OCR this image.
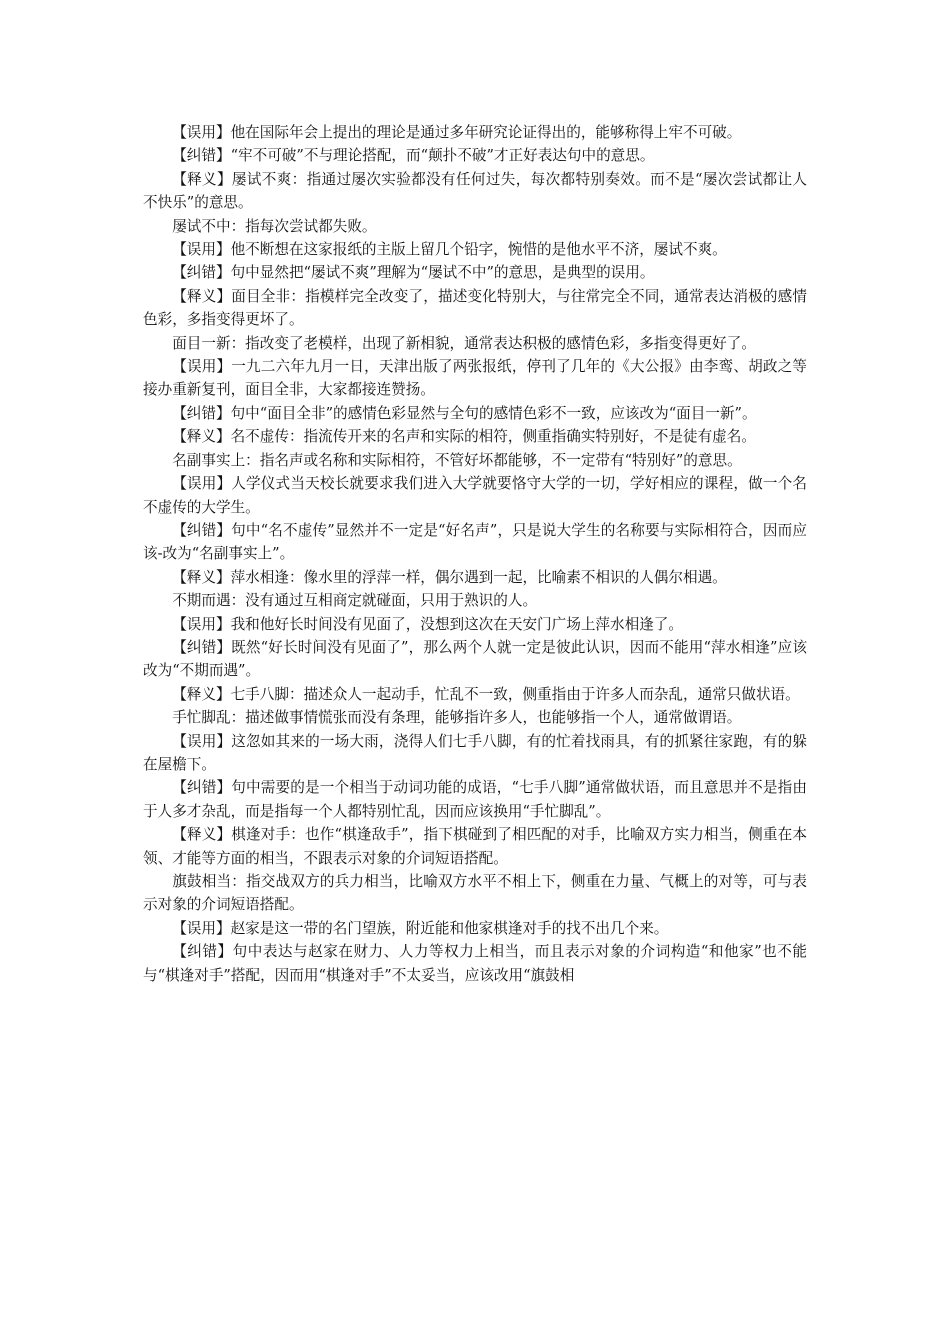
【误用】他在国际年会上提出的理论是通过多年研究论证得出的，能够称得上牢不可破。

【纠错】“牢不可破”不与理论搭配，而“颠扑不破”才正好表达句中的意思。

【释义】屡试不爽：指通过屡次实验都没有任何过失，每次都特别奏效。而不是“屡次尝试都让人不快乐”的意思。

屡试不中：指每次尝试都失败。

【误用】他不断想在这家报纸的主版上留几个铅字，惋惜的是他水平不济，屡试不爽。

【纠错】句中显然把“屡试不爽”理解为“屡试不中”的意思，是典型的误用。

【释义】面目全非：指模样完全改变了，描述变化特别大，与往常完全不同，通常表达消极的感情色彩，多指变得更坏了。

面目一新：指改变了老模样，出现了新相貌，通常表达积极的感情色彩，多指变得更好了。

【误用】一九二六年九月一日，天津出版了两张报纸，停刊了几年的《大公报》由李鸾、胡政之等接办重新复刊，面目全非，大家都接连赞扬。

【纠错】句中“面目全非”的感情色彩显然与全句的感情色彩不一致，应该改为“面目一新”。

【释义】名不虚传：指流传开来的名声和实际的相符，侧重指确实特别好，不是徒有虚名。

名副事实上：指名声或名称和实际相符，不管好坏都能够，不一定带有“特别好”的意思。

【误用】人学仪式当天校长就要求我们进入大学就要恪守大学的一切，学好相应的课程，做一个名不虚传的大学生。

【纠错】句中“名不虚传”显然并不一定是“好名声”，只是说大学生的名称要与实际相符合，因而应该-改为“名副事实上”。

【释义】萍水相逢：像水里的浮萍一样，偶尔遇到一起，比喻素不相识的人偶尔相遇。

不期而遇：没有通过互相商定就碰面，只用于熟识的人。

【误用】我和他好长时间没有见面了，没想到这次在天安门广场上萍水相逢了。

【纠错】既然“好长时间没有见面了”，那么两个人就一定是彼此认识，因而不能用“萍水相逢”应该改为“不期而遇”。

【释义】七手八脚：描述众人一起动手，忙乱不一致，侧重指由于许多人而杂乱，通常只做状语。

手忙脚乱：描述做事情慌张而没有条理，能够指许多人，也能够指一个人，通常做谓语。

【误用】这忽如其来的一场大雨，浇得人们七手八脚，有的忙着找雨具，有的抓紧往家跑，有的躲在屋檐下。

【纠错】句中需要的是一个相当于动词功能的成语，“七手八脚”通常做状语，而且意思并不是指由于人多才杂乱，而是指每一个人都特别忙乱，因而应该换用“手忙脚乱”。

【释义】棋逢对手：也作“棋逢敌手”，指下棋碰到了相匹配的对手，比喻双方实力相当，侧重在本领、才能等方面的相当，不跟表示对象的介词短语搭配。

旗鼓相当：指交战双方的兵力相当，比喻双方水平不相上下，侧重在力量、气概上的对等，可与表示对象的介词短语搭配。

【误用】赵家是这一带的名门望族，附近能和他家棋逢对手的找不出几个来。

【纠错】句中表达与赵家在财力、人力等权力上相当，而且表示对象的介词构造“和他家”也不能与“棋逢对手”搭配，因而用“棋逢对手”不太妥当，应该改用“旗鼓相
